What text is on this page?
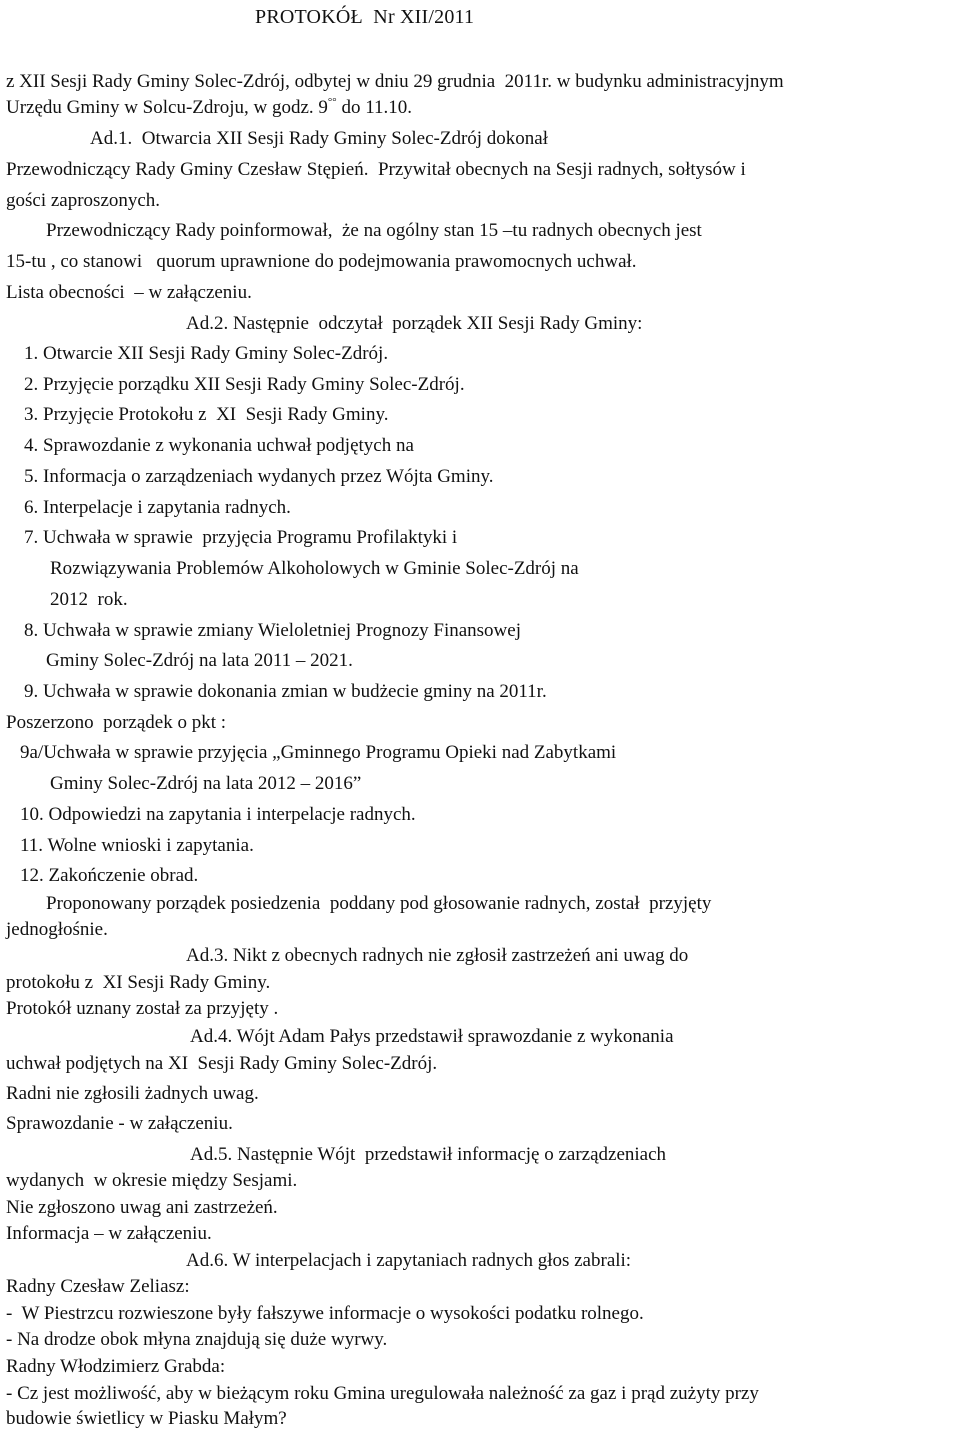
PROTOKÓŁ  Nr XII/2011
z XII Sesji Rady Gminy Solec-Zdrój, odbytej w dniu 29 grudnia  2011r. w budynku administracyjnym
Urzędu Gminy w Solcu-Zdroju, w godz. 9°° do 11.10.
Ad.1.  Otwarcia XII Sesji Rady Gminy Solec-Zdrój dokonał
Przewodniczący Rady Gminy Czesław Stępień.  Przywitał obecnych na Sesji radnych, sołtysów i
gości zaproszonych.
Przewodniczący Rady poinformował,  że na ogólny stan 15 –tu radnych obecnych jest
15-tu , co stanowi   quorum uprawnione do podejmowania prawomocnych uchwał.
Lista obecności  – w załączeniu.
Ad.2. Następnie  odczytał  porządek XII Sesji Rady Gminy:
1. Otwarcie XII Sesji Rady Gminy Solec-Zdrój.
2. Przyjęcie porządku XII Sesji Rady Gminy Solec-Zdrój.
3. Przyjęcie Protokołu z  XI  Sesji Rady Gminy.
4. Sprawozdanie z wykonania uchwał podjętych na
5. Informacja o zarządzeniach wydanych przez Wójta Gminy.
6. Interpelacje i zapytania radnych.
7. Uchwała w sprawie  przyjęcia Programu Profilaktyki i
Rozwiązywania Problemów Alkoholowych w Gminie Solec-Zdrój na
2012  rok.
8. Uchwała w sprawie zmiany Wieloletniej Prognozy Finansowej
Gminy Solec-Zdrój na lata 2011 – 2021.
9. Uchwała w sprawie dokonania zmian w budżecie gminy na 2011r.
Poszerzono  porządek o pkt :
9a/Uchwała w sprawie przyjęcia „Gminnego Programu Opieki nad Zabytkami
Gminy Solec-Zdrój na lata 2012 – 2016”
10. Odpowiedzi na zapytania i interpelacje radnych.
11. Wolne wnioski i zapytania.
12. Zakończenie obrad.
Proponowany porządek posiedzenia  poddany pod głosowanie radnych, został  przyjęty
jednogłośnie.
Ad.3. Nikt z obecnych radnych nie zgłosił zastrzeżeń ani uwag do
protokołu z  XI Sesji Rady Gminy.
Protokół uznany został za przyjęty .
Ad.4. Wójt Adam Pałys przedstawił sprawozdanie z wykonania
uchwał podjętych na XI  Sesji Rady Gminy Solec-Zdrój.
Radni nie zgłosili żadnych uwag.
Sprawozdanie - w załączeniu.
Ad.5. Następnie Wójt  przedstawił informację o zarządzeniach
wydanych  w okresie między Sesjami.
Nie zgłoszono uwag ani zastrzeżeń.
Informacja – w załączeniu.
Ad.6. W interpelacjach i zapytaniach radnych głos zabrali:
Radny Czesław Zeliasz:
-  W Piestrzcu rozwieszone były fałszywe informacje o wysokości podatku rolnego.
- Na drodze obok młyna znajdują się duże wyrwy.
Radny Włodzimierz Grabda:
- Cz jest możliwość, aby w bieżącym roku Gmina uregulowała należność za gaz i prąd zużyty przy
budowie świetlicy w Piasku Małym?
